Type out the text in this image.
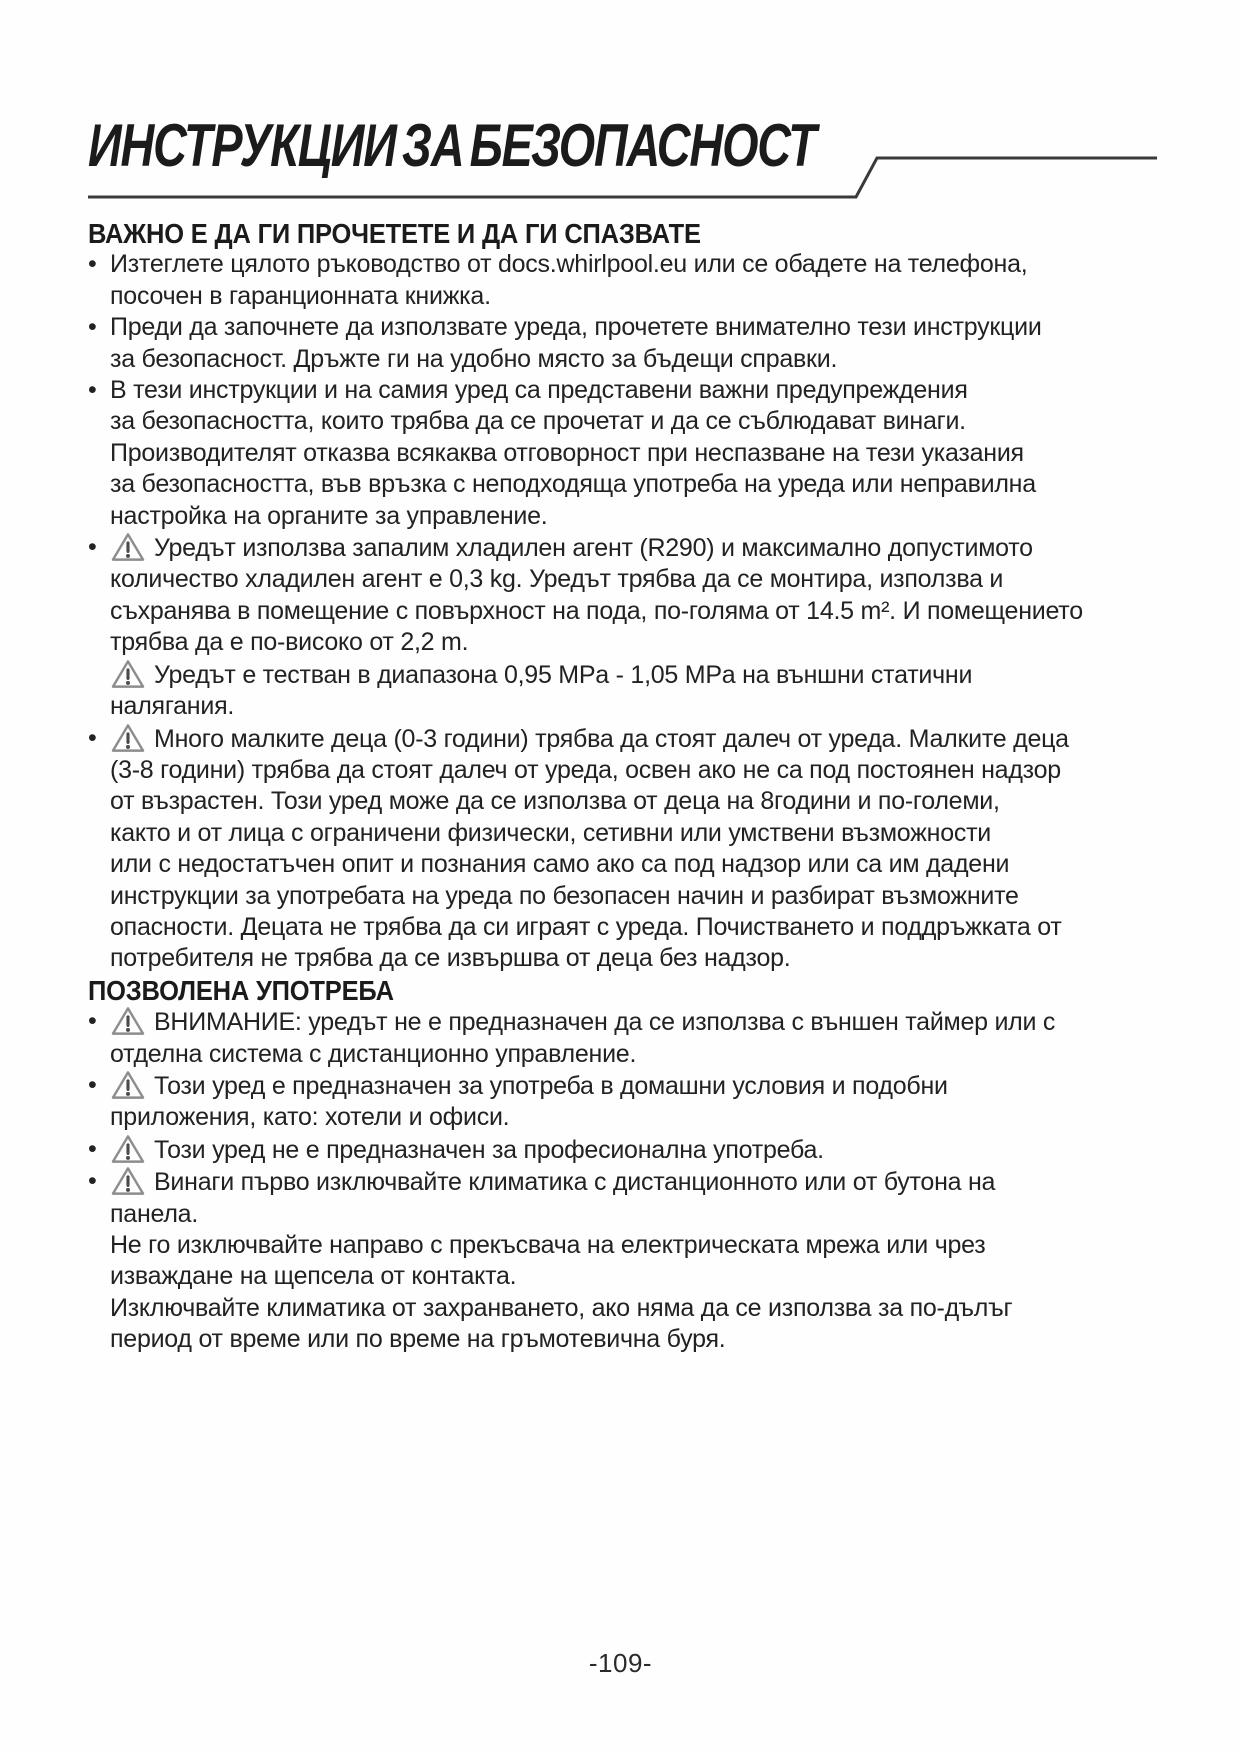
ИНСТРУКЦИИ ЗА БЕЗОПАСНОСТ
ВАЖНО Е ДА ГИ ПРОЧЕТЕТЕ И ДА ГИ СПАЗВАТЕ
• Изтеглете цялото ръководство от docs.whirlpool.eu или се обадете на телефона,
посочен в гаранционната книжка.
• Преди да започнете да използвате уреда, прочетете внимателно тези инструкции
за безопасност. Дръжте ги на удобно място за бъдещи справки.
• В тези инструкции и на самия уред са представени важни предупреждения
за безопасността, които трябва да се прочетат и да се съблюдават винаги.
Производителят отказва всякаква отговорност при неспазване на тези указания
за безопасността, във връзка с неподходяща употреба на уреда или неправилна
настройка на органите за управление.
•	Уредът използва запалим хладилен агент (R290) и максимално допустимото
количество хладилен агент е 0,3 kg. Уредът трябва да се монтира, използва и
съхранява в помещение с повърхност на пода, по-голяма от 14.5 m². И помещението
трябва да е по-високо от 2,2 m.
Уредът е тестван в диапазона 0,95 MPa - 1,05 MPa на външни статични
налягания.
•	Много малките деца (0-3 години) трябва да стоят далеч от уреда. Малките деца
(3-8 години) трябва да стоят далеч от уреда, освен ако не са под постоянен надзор
от възрастен. Този уред може да се използва от деца на 8години и по-големи,
както и от лица с ограничени физически, сетивни или умствени възможности
или с недостатъчен опит и познания само ако са под надзор или са им дадени
инструкции за употребата на уреда по безопасен начин и разбират възможните
опасности. Децата не трябва да си играят с уреда. Почистването и поддръжката от
потребителя не трябва да се извършва от деца без надзор.
ПОЗВОЛЕНА УПОТРЕБА
•	ВНИМАНИЕ: уредът не е предназначен да се използва с външен таймер или с
отделна система с дистанционно управление.
•	Този уред е предназначен за употреба в домашни условия и подобни
приложения, като: хотели и офиси.
•	Този уред не е предназначен за професионална употреба.
•	Винаги първо изключвайте климатика с дистанционното или от бутона на
панела.
Не го изключвайте направо с прекъсвача на електрическата мрежа или чрез
изваждане на щепсела от контакта.
Изключвайте климатика от захранването, ако няма да се използва за по-дълъг
период от време или по време на гръмотевична буря.
-109-
